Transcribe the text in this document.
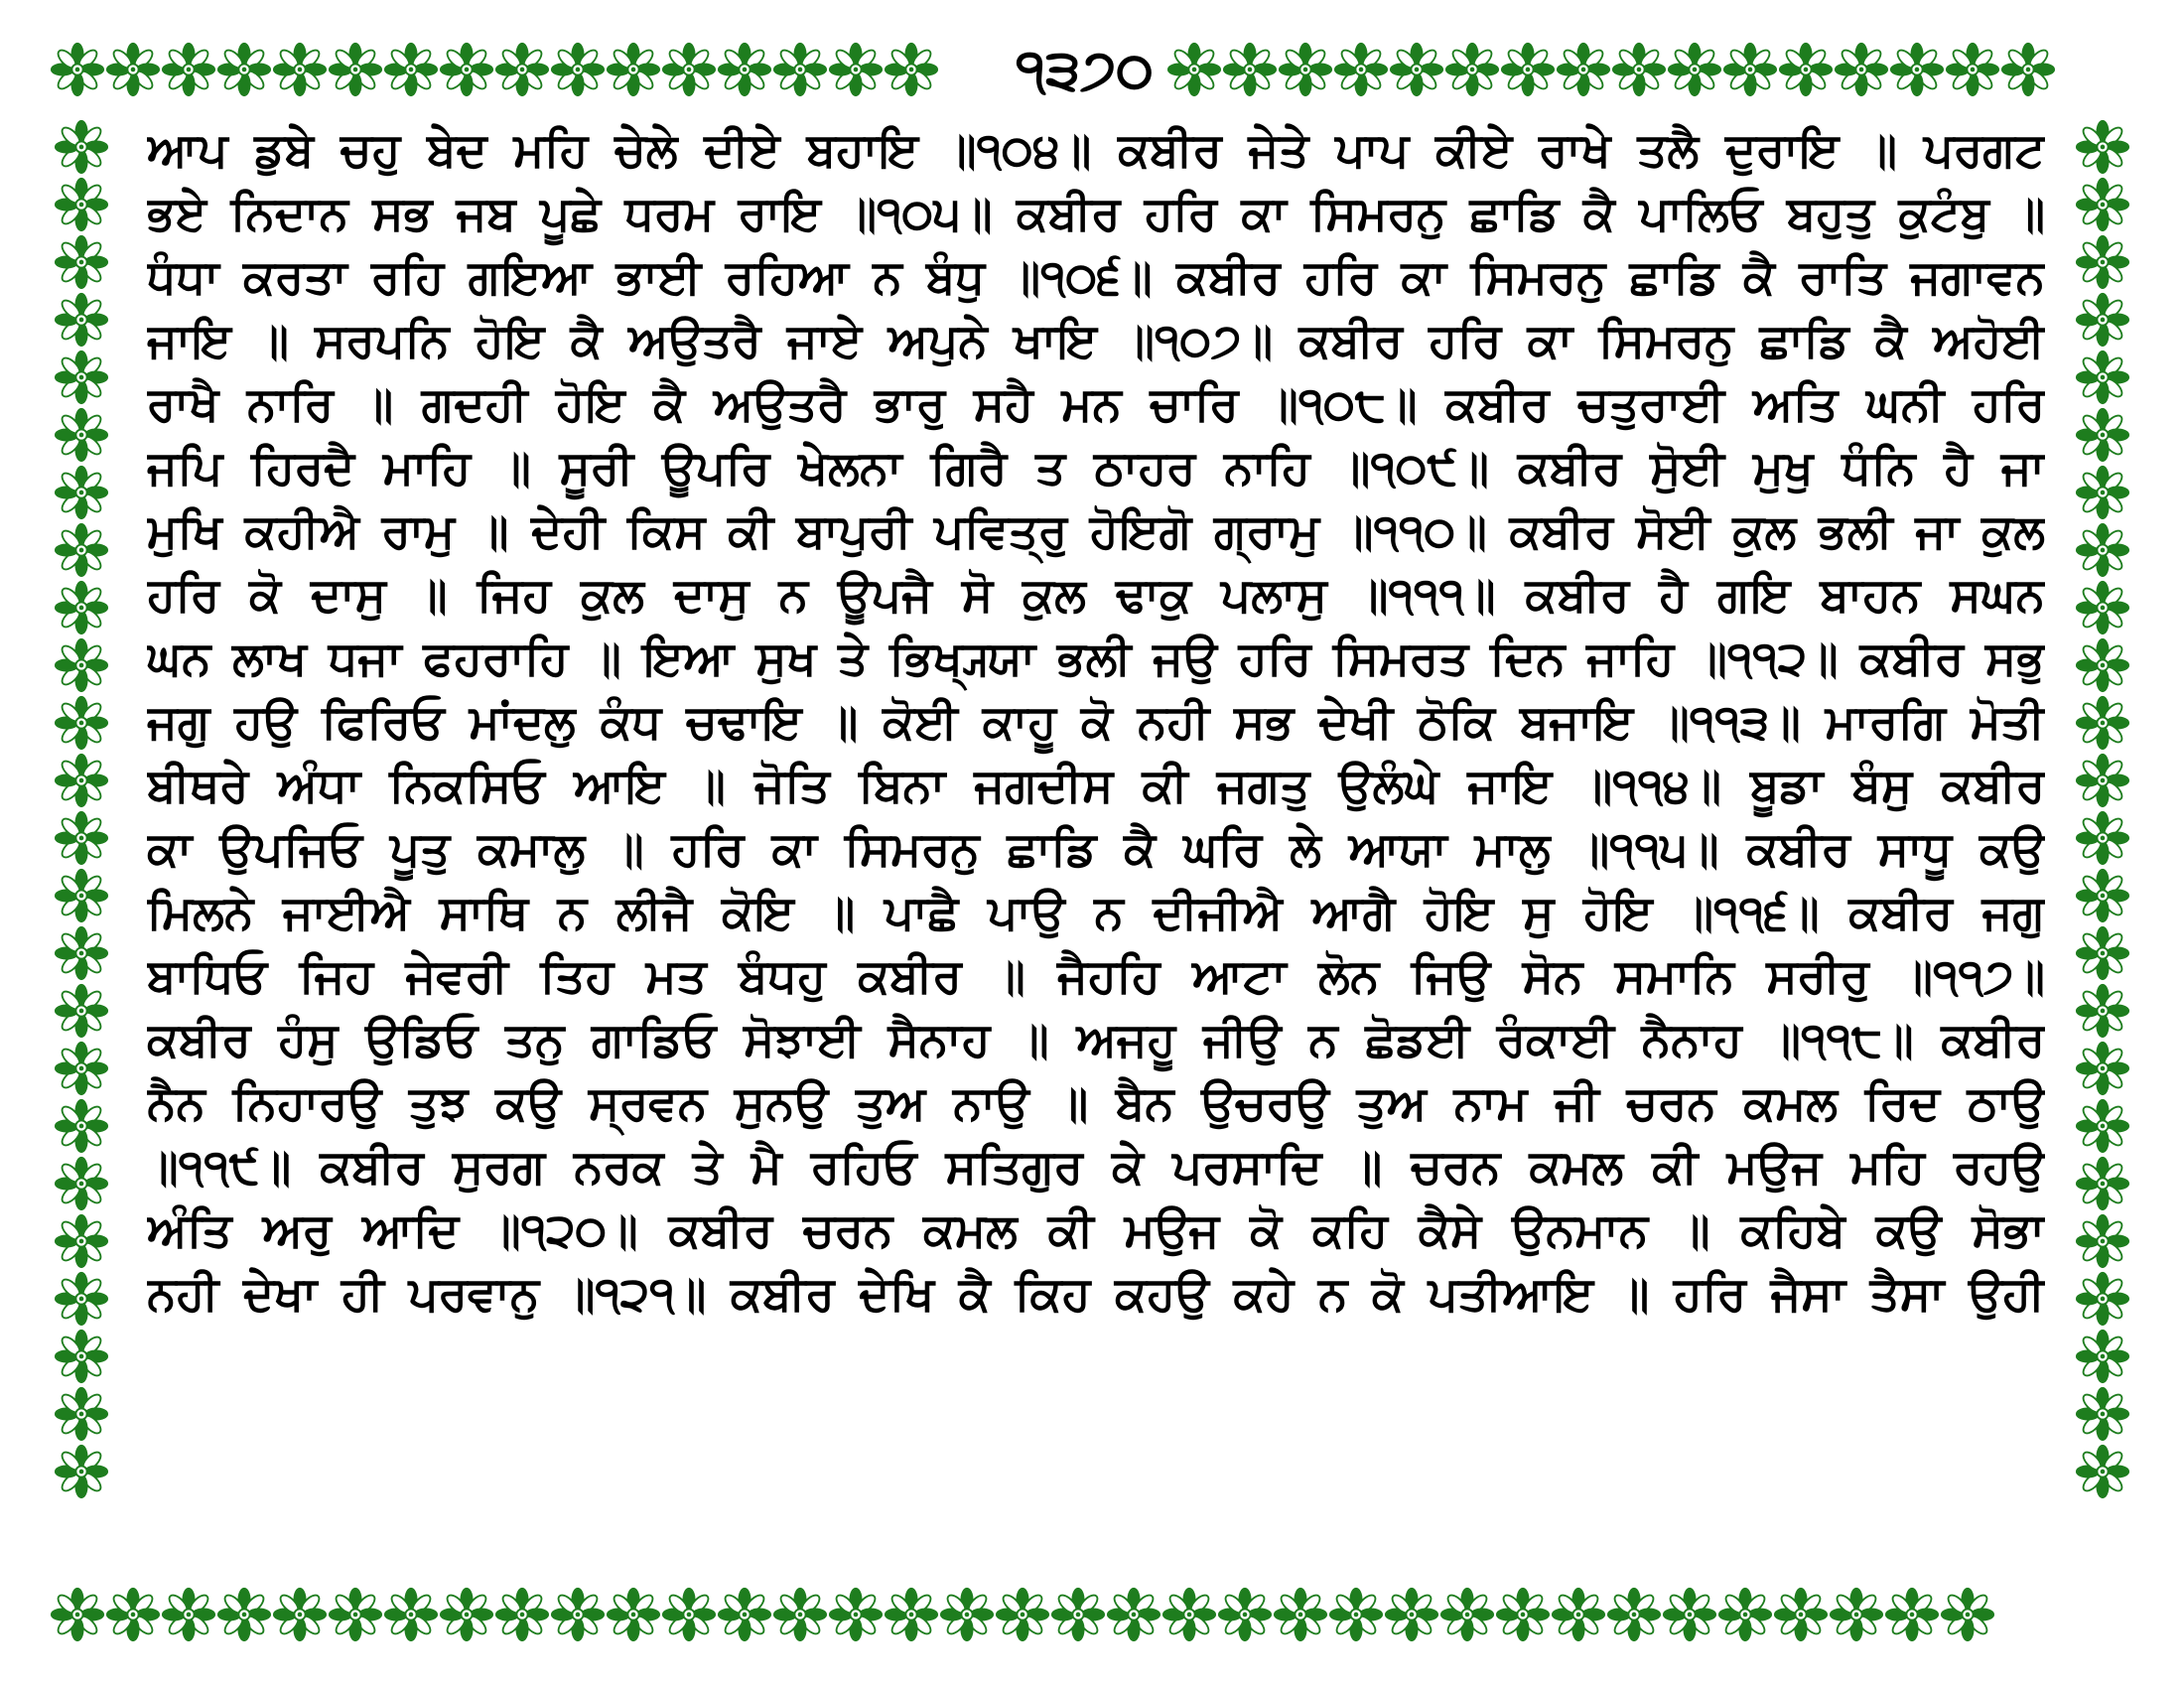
੧੩੭੦
ਆਪ ਡੁਬੇ ਚਹੁ ਬੇਦ ਮਹਿ ਚੇਲੇ ਦੀਏ ਬਹਾਇ ॥੧੦੪॥ ਕਬੀਰ ਜੇਤੇ ਪਾਪ ਕੀਏ ਰਾਖੇ ਤਲੈ ਦੁਰਾਇ ॥ ਪਰਗਟ
ਭਏ ਨਿਦਾਨ ਸਭ ਜਬ ਪੂਛੇ ਧਰਮ ਰਾਇ ॥੧੦੫॥ ਕਬੀਰ ਹਰਿ ਕਾ ਸਿਮਰਨੁ ਛਾਡਿ ਕੈ ਪਾਲਿਓ ਬਹੁਤੁ ਕੁਟੰਬੁ ॥
ਧੰਧਾ ਕਰਤਾ ਰਹਿ ਗਇਆ ਭਾਈ ਰਹਿਆ ਨ ਬੰਧੁ ॥੧੦੬॥ ਕਬੀਰ ਹਰਿ ਕਾ ਸਿਮਰਨੁ ਛਾਡਿ ਕੈ ਰਾਤਿ ਜਗਾਵਨ
ਜਾਇ ॥ ਸਰਪਨਿ ਹੋਇ ਕੈ ਅਉਤਰੈ ਜਾਏ ਅਪੁਨੇ ਖਾਇ ॥੧੦੭॥ ਕਬੀਰ ਹਰਿ ਕਾ ਸਿਮਰਨੁ ਛਾਡਿ ਕੈ ਅਹੋਈ
ਰਾਖੈ ਨਾਰਿ ॥ ਗਦਹੀ ਹੋਇ ਕੈ ਅਉਤਰੈ ਭਾਰੁ ਸਹੈ ਮਨ ਚਾਰਿ ॥੧੦੮॥ ਕਬੀਰ ਚਤੁਰਾਈ ਅਤਿ ਘਨੀ ਹਰਿ
ਜਪਿ ਹਿਰਦੈ ਮਾਹਿ ॥ ਸੂਰੀ ਊਪਰਿ ਖੇਲਨਾ ਗਿਰੈ ਤ ਠਾਹਰ ਨਾਹਿ ॥੧੦੯॥ ਕਬੀਰ ਸੋੁਈ ਮੁਖੁ ਧੰਨਿ ਹੈ ਜਾ
ਮੁਖਿ ਕਹੀਐ ਰਾਮੁ ॥ ਦੇਹੀ ਕਿਸ ਕੀ ਬਾਪੁਰੀ ਪਵਿਤ੍ਰੁ ਹੋਇਗੋ ਗ੍ਰਾਮੁ ॥੧੧੦॥ ਕਬੀਰ ਸੋਈ ਕੁਲ ਭਲੀ ਜਾ ਕੁਲ
ਹਰਿ ਕੋ ਦਾਸੁ ॥ ਜਿਹ ਕੁਲ ਦਾਸੁ ਨ ਊਪਜੈ ਸੋ ਕੁਲ ਢਾਕੁ ਪਲਾਸੁ ॥੧੧੧॥ ਕਬੀਰ ਹੈ ਗਇ ਬਾਹਨ ਸਘਨ
ਘਨ ਲਾਖ ਧਜਾ ਫਹਰਾਹਿ ॥ ਇਆ ਸੁਖ ਤੇ ਭਿਖ੍ਯ੍ਯਾ ਭਲੀ ਜਉ ਹਰਿ ਸਿਮਰਤ ਦਿਨ ਜਾਹਿ ॥੧੧੨॥ ਕਬੀਰ ਸਭੁ
ਜਗੁ ਹਉ ਫਿਰਿਓ ਮਾਂਦਲੁ ਕੰਧ ਚਢਾਇ ॥ ਕੋਈ ਕਾਹੂ ਕੋ ਨਹੀ ਸਭ ਦੇਖੀ ਠੋਕਿ ਬਜਾਇ ॥੧੧੩॥ ਮਾਰਗਿ ਮੋਤੀ
ਬੀਥਰੇ ਅੰਧਾ ਨਿਕਸਿਓ ਆਇ ॥ ਜੋਤਿ ਬਿਨਾ ਜਗਦੀਸ ਕੀ ਜਗਤੁ ਉਲੰਘੇ ਜਾਇ ॥੧੧੪॥ ਬੂਡਾ ਬੰਸੁ ਕਬੀਰ
ਕਾ ਉਪਜਿਓ ਪੂਤੁ ਕਮਾਲੁ ॥ ਹਰਿ ਕਾ ਸਿਮਰਨੁ ਛਾਡਿ ਕੈ ਘਰਿ ਲੇ ਆਯਾ ਮਾਲੁ ॥੧੧੫॥ ਕਬੀਰ ਸਾਧੂ ਕਉ
ਮਿਲਨੇ ਜਾਈਐ ਸਾਥਿ ਨ ਲੀਜੈ ਕੋਇ ॥ ਪਾਛੈ ਪਾਉ ਨ ਦੀਜੀਐ ਆਗੈ ਹੋਇ ਸੁ ਹੋਇ ॥੧੧੬॥ ਕਬੀਰ ਜਗੁ
ਬਾਧਿਓ ਜਿਹ ਜੇਵਰੀ ਤਿਹ ਮਤ ਬੰਧਹੁ ਕਬੀਰ ॥ ਜੈਹਹਿ ਆਟਾ ਲੋਨ ਜਿਉ ਸੋਨ ਸਮਾਨਿ ਸਰੀਰੁ ॥੧੧੭॥
ਕਬੀਰ ਹੰਸੁ ਉਡਿਓ ਤਨੁ ਗਾਡਿਓ ਸੋਝਾਈ ਸੈਨਾਹ ॥ ਅਜਹੂ ਜੀਉ ਨ ਛੋਡਈ ਰੰਕਾਈ ਨੈਨਾਹ ॥੧੧੮॥ ਕਬੀਰ
ਨੈਨ ਨਿਹਾਰਉ ਤੁਝ ਕਉ ਸ੍ਰਵਨ ਸੁਨਉ ਤੁਅ ਨਾਉ ॥ ਬੈਨ ਉਚਰਉ ਤੁਅ ਨਾਮ ਜੀ ਚਰਨ ਕਮਲ ਰਿਦ ਠਾਉ
॥੧੧੯॥ ਕਬੀਰ ਸੁਰਗ ਨਰਕ ਤੇ ਮੈ ਰਹਿਓ ਸਤਿਗੁਰ ਕੇ ਪਰਸਾਦਿ ॥ ਚਰਨ ਕਮਲ ਕੀ ਮਉਜ ਮਹਿ ਰਹਉ
ਅੰਤਿ ਅਰੁ ਆਦਿ ॥੧੨੦॥ ਕਬੀਰ ਚਰਨ ਕਮਲ ਕੀ ਮਉਜ ਕੋ ਕਹਿ ਕੈਸੇ ਉਨਮਾਨ ॥ ਕਹਿਬੇ ਕਉ ਸੋਭਾ
ਨਹੀ ਦੇਖਾ ਹੀ ਪਰਵਾਨੁ ॥੧੨੧॥ ਕਬੀਰ ਦੇਖਿ ਕੈ ਕਿਹ ਕਹਉ ਕਹੇ ਨ ਕੋ ਪਤੀਆਇ ॥ ਹਰਿ ਜੈਸਾ ਤੈਸਾ ਉਹੀ
